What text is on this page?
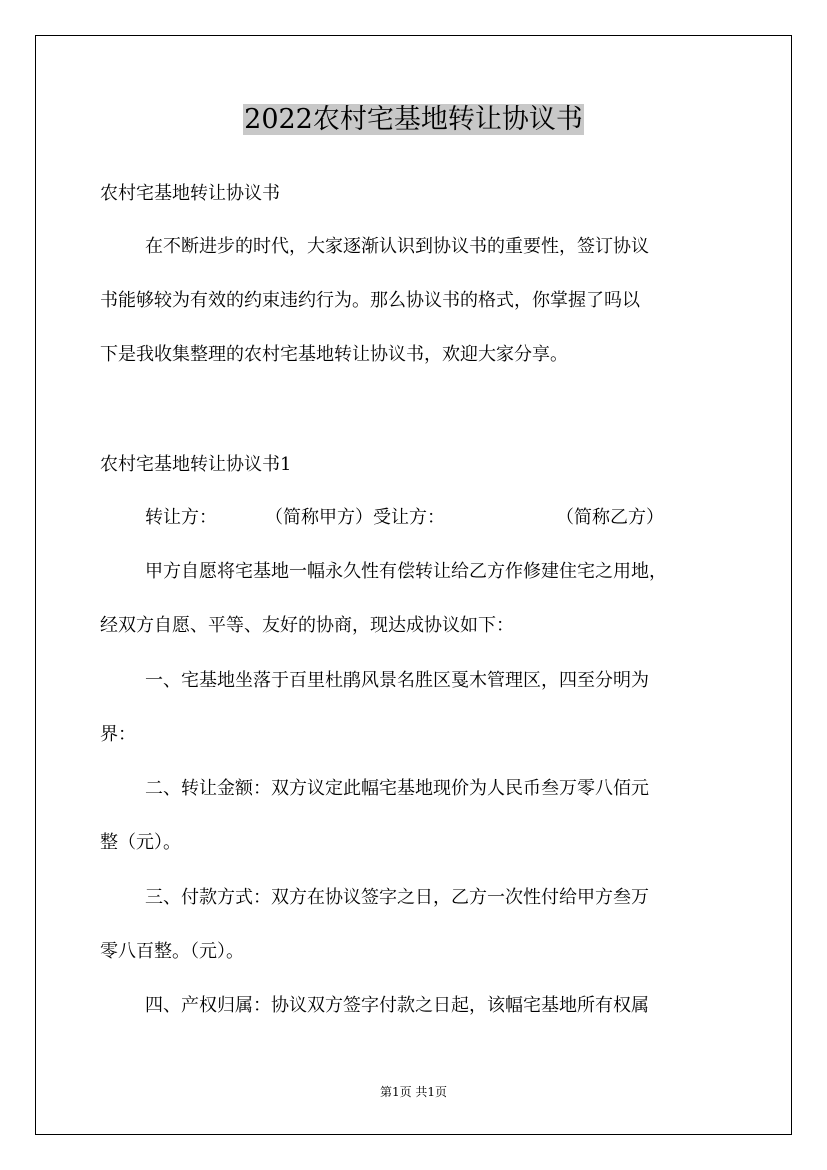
2022农村宅基地转让协议书
农村宅基地转让协议书
在不断进步的时代，大家逐渐认识到协议书的重要性，签订协议
书能够较为有效的约束违约行为。那么协议书的格式，你掌握了吗以
下是我收集整理的农村宅基地转让协议书，欢迎大家分享。
农村宅基地转让协议书1
转让方：	（简称甲方）受让方：	（简称乙方）
甲方自愿将宅基地一幅永久性有偿转让给乙方作修建住宅之用地，
经双方自愿、平等、友好的协商，现达成协议如下：
一、宅基地坐落于百里杜鹃风景名胜区戛木管理区，四至分明为
界：
二、转让金额：双方议定此幅宅基地现价为人民币叁万零八佰元
整（元）。
三、付款方式：双方在协议签字之日，乙方一次性付给甲方叁万
零八百整。（元）。
四、产权归属：协议双方签字付款之日起，该幅宅基地所有权属
第1页 共1页
